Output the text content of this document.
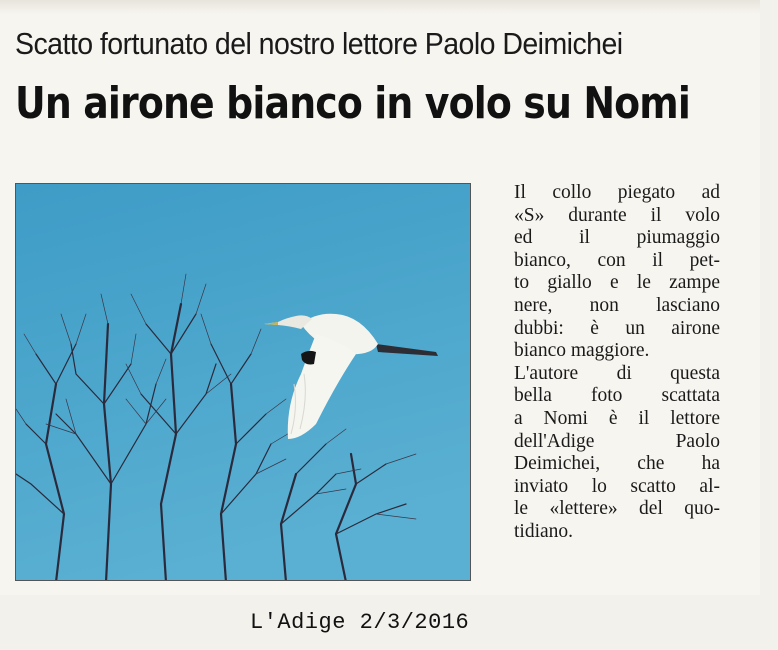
Scatto fortunato del nostro lettore Paolo Deimichei
Un airone bianco in volo su Nomi
Il collo piegato ad
«S» durante il volo
ed il piumaggio
bianco, con il pet-
to giallo e le zampe
nere, non lasciano
dubbi: è un airone
bianco maggiore.
L'autore di questa
bella foto scattata
a Nomi è il lettore
dell'Adige Paolo
Deimichei, che ha
inviato lo scatto al-
le «lettere» del quo-
tidiano.
L'Adige 2/3/2016
